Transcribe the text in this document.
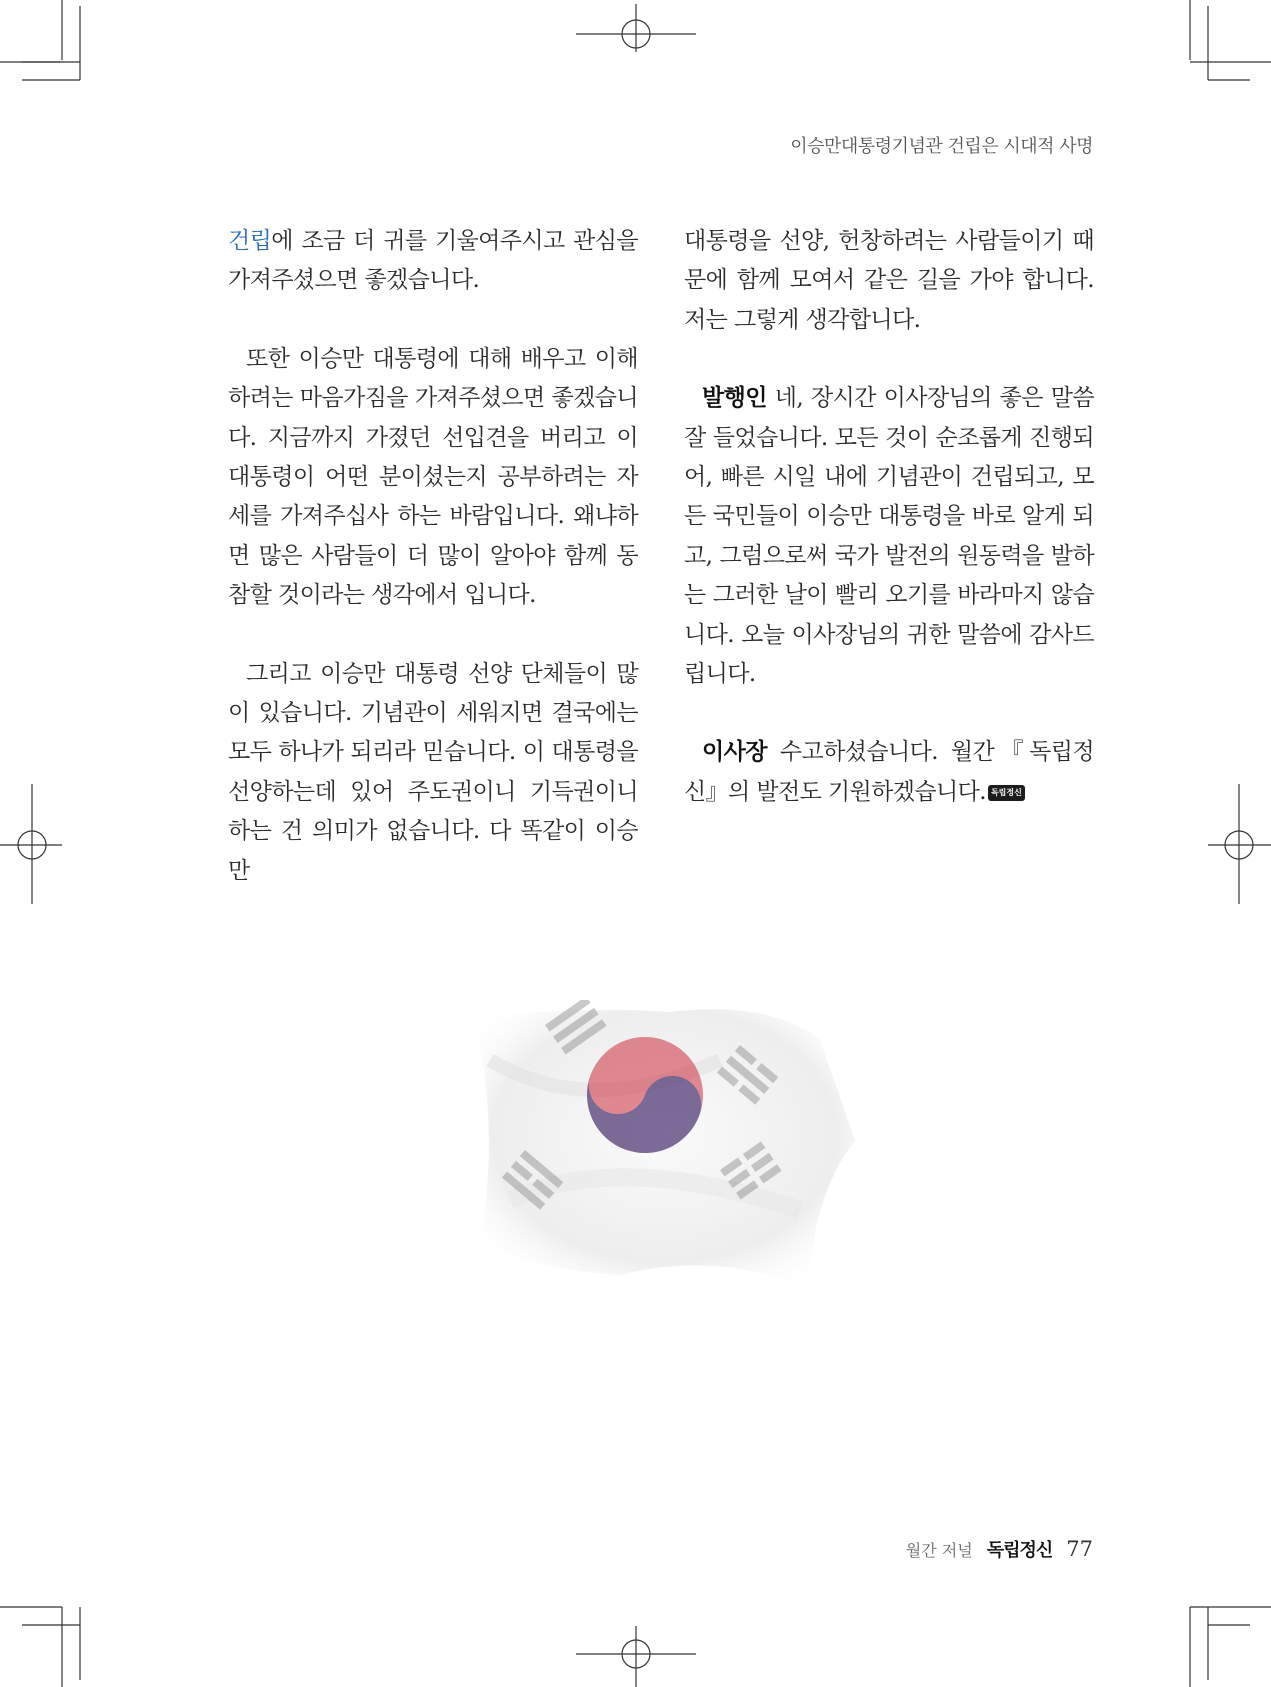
이승만대통령기념관 건립은 시대적 사명

건립에 조금 더 귀를 기울여주시고 관심을 가져주셨으면 좋겠습니다.

또한 이승만 대통령에 대해 배우고 이해하려는 마음가짐을 가져주셨으면 좋겠습니다. 지금까지 가졌던 선입견을 버리고 이 대통령이 어떤 분이셨는지 공부하려는 자세를 가져주십사 하는 바람입니다. 왜냐하면 많은 사람들이 더 많이 알아야 함께 동참할 것이라는 생각에서 입니다.

그리고 이승만 대통령 선양 단체들이 많이 있습니다. 기념관이 세워지면 결국에는 모두 하나가 되리라 믿습니다. 이 대통령을 선양하는데 있어 주도권이니 기득권이니 하는 건 의미가 없습니다. 다 똑같이 이승만

대통령을 선양, 헌창하려는 사람들이기 때문에 함께 모여서 같은 길을 가야 합니다. 저는 그렇게 생각합니다.

발행인 네, 장시간 이사장님의 좋은 말씀 잘 들었습니다. 모든 것이 순조롭게 진행되어, 빠른 시일 내에 기념관이 건립되고, 모든 국민들이 이승만 대통령을 바로 알게 되고, 그럼으로써 국가 발전의 원동력을 발하는 그러한 날이 빨리 오기를 바라마지 않습니다. 오늘 이사장님의 귀한 말씀에 감사드립니다.

이사장 수고하셨습니다. 월간『독립정신』의 발전도 기원하겠습니다. 독립정신

월간 저널 독립정신 77
